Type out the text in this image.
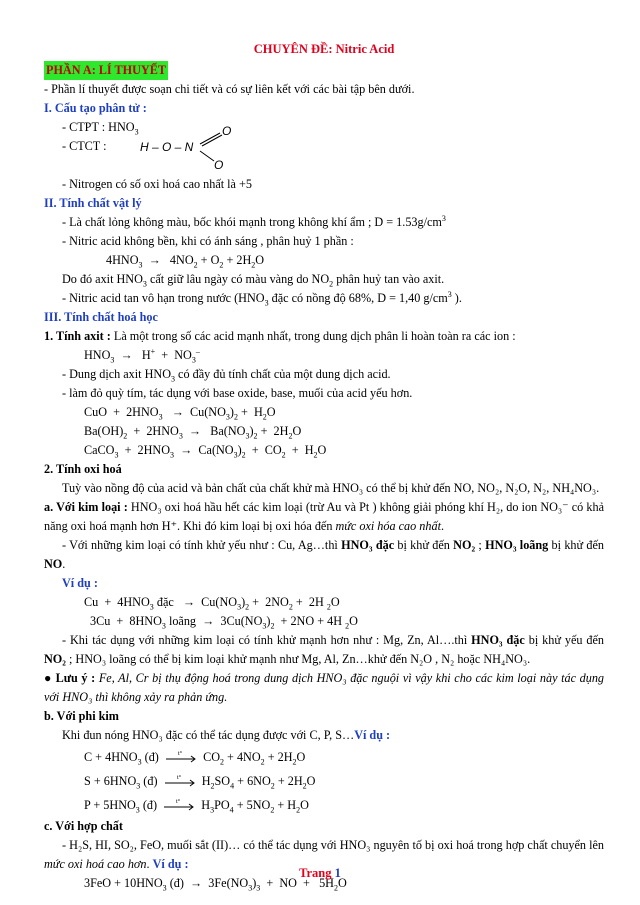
CHUYÊN ĐỀ: Nitric Acid
PHẦN A: LÍ THUYẾT
- Phần lí thuyết được soạn chi tiết và có sự liên kết với các bài tập bên dưới.
I. Cấu tạo phân tử :
- CTPT : $HNO_3$
- CTCT :	H – O – N
O
O
- Nitrogen có số oxi hoá cao nhất là +5
II. Tính chất vật lý
- Là chất lỏng không màu, bốc khói mạnh trong không khí ẩm ; $D = 1.53g/cm^3$
- Nitric acid không bền, khi có ánh sáng , phân huỷ 1 phần :
$4HNO_3 \to 4NO_2 + O_2 + 2H_2O$
Do đó axit $HNO_3$ cất giữ lâu ngày có màu vàng do $NO_2$ phân huỷ tan vào axit.
- Nitric acid tan vô hạn trong nước ($HNO_3$ đặc có nồng độ 68%, D = 1,40 $g/cm^3$ ).
III. Tính chất hoá học
1. Tính axit : Là một trong số các acid mạnh nhất, trong dung dịch phân li hoàn toàn ra các ion :
$HNO_3 \to H^+ + NO_3^-$
- Dung dịch axit $HNO_3$ có đầy đủ tính chất của một dung dịch acid.
- làm đỏ quỳ tím, tác dụng với base oxide, base, muối của acid yếu hơn.
CuO  +  $2HNO_3 \to Cu(NO_3)_2 + H_2O$
$Ba(OH)_2 + 2HNO_3 \to Ba(NO_3)_2 + 2H_2O$
CaCO$_3$  +  $2HNO_3 \to Ca(NO_3)_2 + CO_2 + H_2O$
2. Tính oxi hoá
Tuỳ vào nồng độ của acid và bản chất của chất khử mà HNO₃ có thể bị khử đến NO, NO₂, N₂O, N₂, NH₄NO₃.
a. Với kim loại : HNO₃ oxi hoá hầu hết các kim loại (trừ Au và Pt ) không giải phóng khí H₂, do ion NO₃⁻ có khả năng oxi hoá mạnh hơn H⁺. Khi đó kim loại bị oxi hóa đến mức oxi hóa cao nhất.
- Với những kim loại có tính khử yếu như : Cu, Ag…thì HNO₃ đặc bị khử đến NO₂ ; HNO₃ loãng bị khử đến NO.
Ví dụ :
$Cu + 4HNO_3$ đặc   →  $Cu(NO_3)_2 + 2NO_2 + 2H$ $_2$O
$3Cu + 8HNO_3$ loãng  →  $3Cu(NO_3)_2 + 2NO + 4H$ $_2$O
- Khi tác dụng với những kim loại có tính khử mạnh hơn như : Mg, Zn, Al….thì HNO₃ đặc bị khử yếu đến NO₂ ; HNO₃ loãng có thể bị kim loại khử mạnh như Mg, Al, Zn…khử đến N₂O , N₂ hoặc NH₄NO₃.
● Lưu ý : Fe, Al, Cr bị thụ động hoá trong dung dịch HNO₃ đặc nguội vì vậy khi cho các kim loại này tác dụng với HNO₃ thì không xảy ra phản ứng.
b. Với phi kim
Khi đun nóng HNO₃ đặc có thể tác dụng được với C, P, S…Ví dụ :
$C + 4HNO_3$ (đ) t° $CO_2 + 4NO_2 + 2H_2O$
$S + 6HNO_3$ (đ) t° $H_2SO_4 + 6NO_2 + 2H_2O$
$P + 5HNO_3$ (đ) t° $H_3PO_4 + 5NO_2 + H_2O$
c. Với hợp chất
- H₂S, HI, SO₂, FeO, muối sắt (II)… có thể tác dụng với HNO₃ nguyên tố bị oxi hoá trong hợp chất chuyển lên mức oxi hoá cao hơn. Ví dụ :
$3FeO + 10HNO_3$ (đ)  →  $3Fe(NO_3)_3$  +  NO  +   $5H_2O$
Trang 1
